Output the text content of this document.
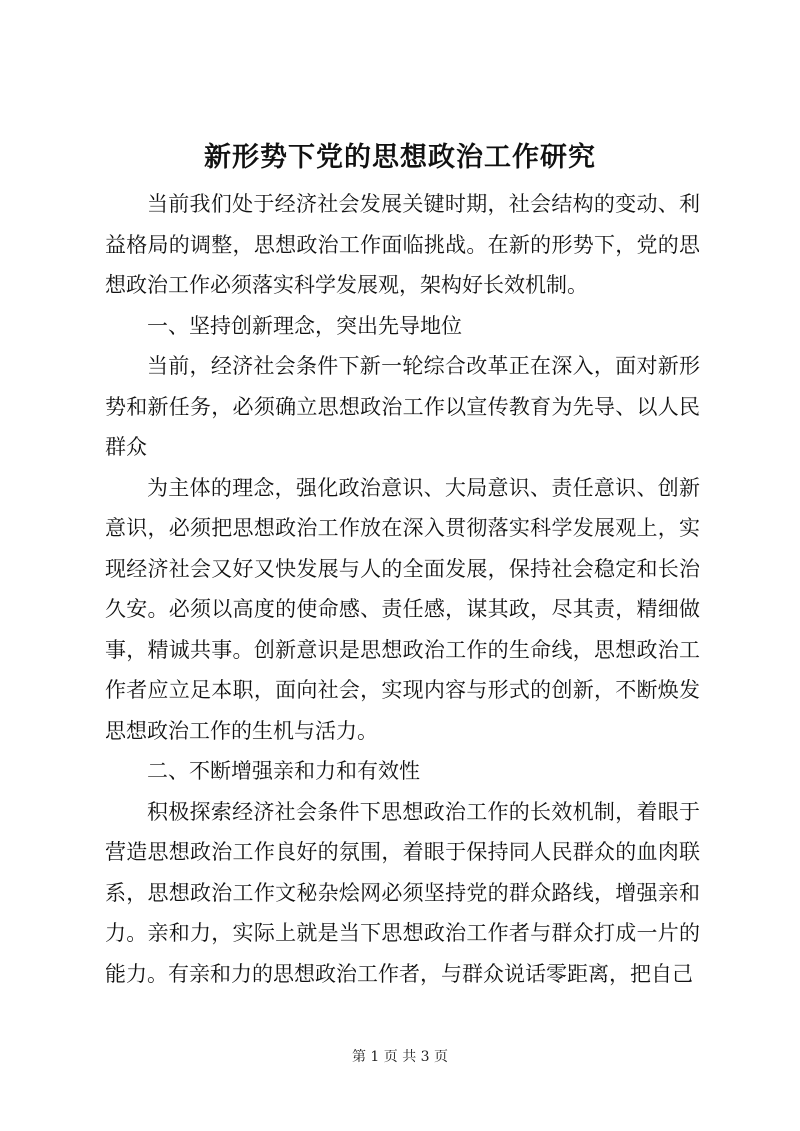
新形势下党的思想政治工作研究

当前我们处于经济社会发展关键时期，社会结构的变动、利益格局的调整，思想政治工作面临挑战。在新的形势下，党的思想政治工作必须落实科学发展观，架构好长效机制。

一、坚持创新理念，突出先导地位

当前，经济社会条件下新一轮综合改革正在深入，面对新形势和新任务，必须确立思想政治工作以宣传教育为先导、以人民群众

为主体的理念，强化政治意识、大局意识、责任意识、创新意识，必须把思想政治工作放在深入贯彻落实科学发展观上，实现经济社会又好又快发展与人的全面发展，保持社会稳定和长治久安。必须以高度的使命感、责任感，谋其政，尽其责，精细做事，精诚共事。创新意识是思想政治工作的生命线，思想政治工作者应立足本职，面向社会，实现内容与形式的创新，不断焕发思想政治工作的生机与活力。

二、不断增强亲和力和有效性

积极探索经济社会条件下思想政治工作的长效机制，着眼于营造思想政治工作良好的氛围，着眼于保持同人民群众的血肉联系，思想政治工作文秘杂烩网必须坚持党的群众路线，增强亲和力。亲和力，实际上就是当下思想政治工作者与群众打成一片的能力。有亲和力的思想政治工作者，与群众说话零距离，把自己

第 1 页 共 3 页
